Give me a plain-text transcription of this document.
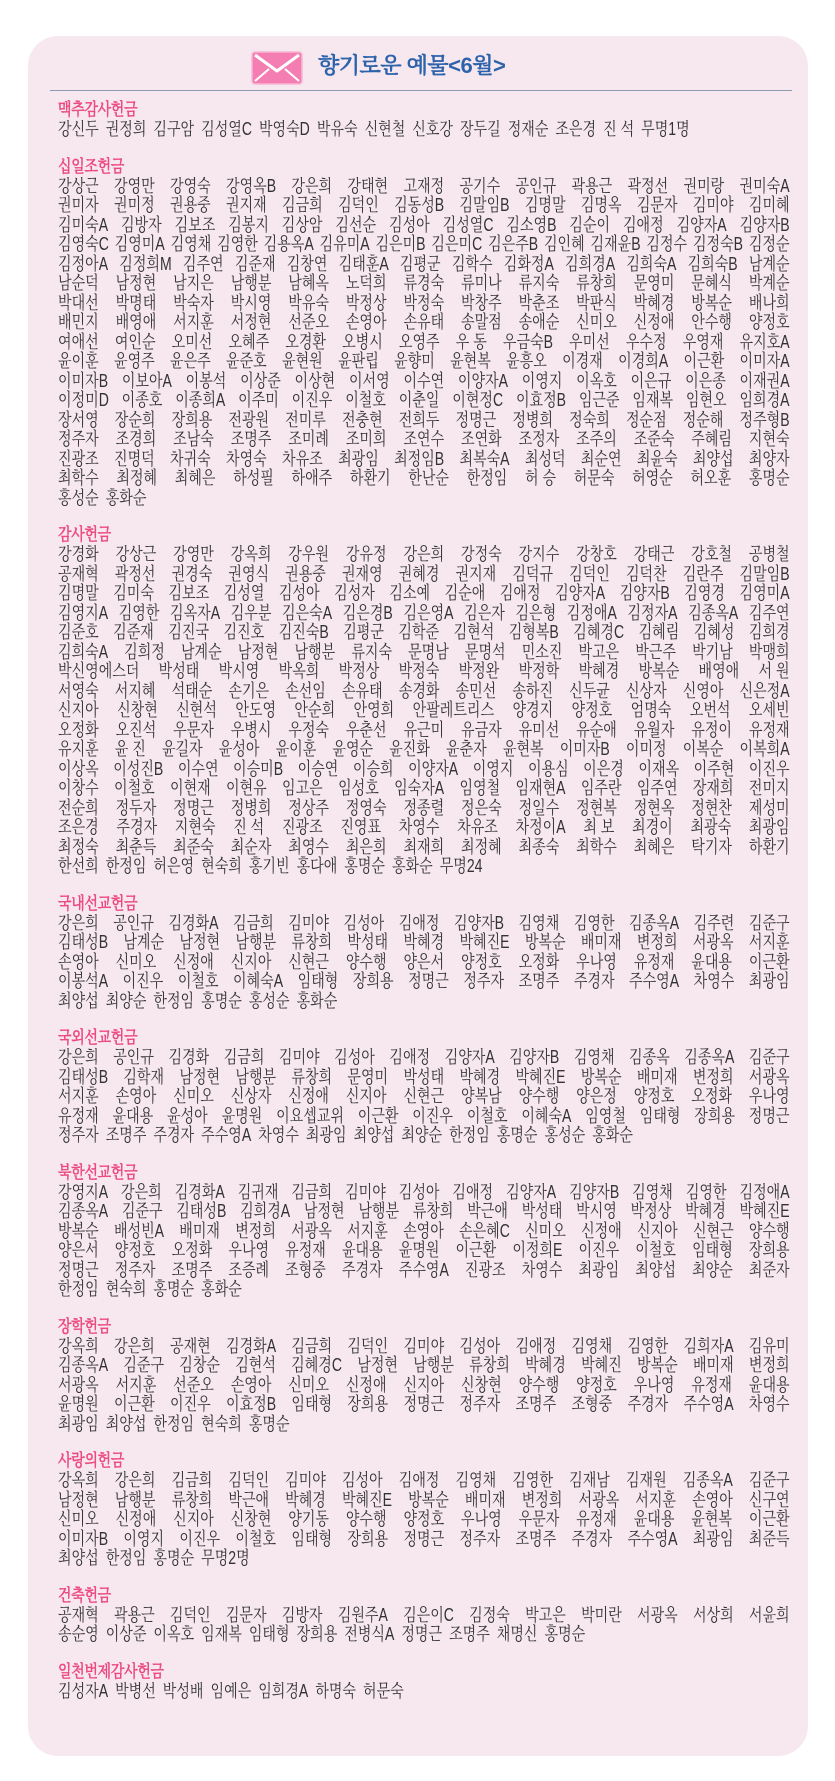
향기로운 예물<6월>
맥추감사헌금
강신두 권정희 김구암 김성열C 박영숙D 박유숙 신현철 신호강 장두길 정재순 조은경 진 석 무명1명
십일조헌금
강상근 강영만 강영숙 강영옥B 강은희 강태현 고재정 공기수 공인규 곽용근 곽정선 권미랑 권미숙A
권미자 권미정 권용중 권지재 김금희 김덕인 김동성B 김말임B 김명말 김명옥 김문자 김미야 김미혜
김미숙A 김방자 김보조 김봉지 김상암 김선순 김성아 김성열C 김소영B 김순이 김애정 김양자A 김양자B
김영숙C 김영미A 김영채 김영한 김용옥A 김유미A 김은미B 김은미C 김은주B 김인혜 김재윤B 김정수 김정숙B 김정순
김정아A 김정희M 김주연 김준재 김창연 김태훈A 김평군 김학수 김화정A 김희경A 김희숙A 김희숙B 남계순
남순덕 남정현 남지은 남행분 남혜옥 노덕희 류경숙 류미나 류지숙 류창희 문영미 문혜식 박계순
박대선 박명태 박숙자 박시영 박유숙 박정상 박정숙 박창주 박춘조 박판식 박혜경 방복순 배나희
배민지 배영애 서지훈 서정현 선준오 손영아 손유태 송말점 송애순 신미오 신정애 안수행 양정호
여애선 여인순 오미선 오혜주 오경환 오병시 오영주 우 동 우금숙B 우미선 우수정 우영재 유지호A
윤이훈 윤영주 윤은주 윤준호 윤현원 윤판립 윤향미 윤현복 윤흥오 이경재 이경희A 이근환 이미자A
이미자B 이보아A 이봉석 이상준 이상현 이서영 이수연 이양자A 이영지 이옥호 이은규 이은종 이재권A
이정미D 이종호 이종희A 이주미 이진우 이철호 이춘일 이현정C 이효정B 임근준 임재복 임현오 임희경A
장서영 장순희 장희용 전광원 전미루 전충현 전희두 정명근 정병희 정숙희 정순점 정순해 정주형B
정주자 조경희 조남숙 조명주 조미례 조미희 조연수 조연화 조정자 조주의 조준숙 주혜림 지현숙
진광조 진명덕 차귀숙 차영숙 차유조 최광임 최정임B 최복숙A 최성덕 최순연 최윤숙 최양섭 최양자
최학수 최정혜 최혜은 하성필 하애주 하환기 한난순 한정임 허 승 허문숙 허영순 허오훈 홍명순
홍성순 홍화순
감사헌금
강경화 강상근 강영만 강옥희 강우원 강유정 강은희 강정숙 강지수 강창호 강태근 강호철 공병철
공재혁 곽정선 권경숙 권영식 권용중 권재영 권혜경 권지재 김덕규 김덕인 김덕찬 김란주 김말임B
김명말 김미숙 김보조 김성열 김성아 김성자 김소예 김순애 김애정 김양자A 김양자B 김영경 김영미A
김영지A 김영한 김옥자A 김우분 김은숙A 김은경B 김은영A 김은자 김은형 김정애A 김정자A 김종옥A 김주연
김준호 김준재 김진국 김진호 김진숙B 김평군 김학준 김현석 김형복B 김혜경C 김혜림 김혜성 김희경
김희숙A 김희정 남계순 남정현 남행분 류지숙 문명남 문명석 민소진 박고은 박근주 박기남 박맹희
박신영에스더 박성태 박시영 박옥희 박정상 박정숙 박정완 박정학 박혜경 방복순 배영애 서 원
서영숙 서지혜 석태순 손기은 손선임 손유태 송경화 송민선 송하진 신두균 신상자 신영아 신은정A
신지아 신창현 신현석 안도영 안순희 안영희 안팔레트리스 양경지 양정호 엄명숙 오번석 오세빈
오정화 오진석 우문자 우병시 우정숙 우춘선 유근미 유금자 유미선 유순애 유월자 유정이 유정재
유지훈 윤 진 윤길자 윤성아 윤이훈 윤영순 윤진화 윤춘자 윤현복 이미자B 이미정 이복순 이복희A
이상옥 이성진B 이수연 이승미B 이승연 이승희 이양자A 이영지 이용심 이은경 이재옥 이주현 이진우
이창수 이철호 이현재 이현유 임고은 임성호 임숙자A 임영철 임재현A 임주란 임주연 장재희 전미지
전순희 정두자 정명근 정병희 정상주 정영숙 정종렬 정은숙 정일수 정현복 정현옥 정현찬 제성미
조은경 주경자 지현숙 진 석 진광조 진영표 차영수 차유조 차정이A 최 보 최경이 최광숙 최광임
최정숙 최춘득 최준숙 최순자 최영수 최은희 최재희 최정혜 최종숙 최학수 최혜은 탁기자 하환기
한선희 한정임 허은영 현숙희 홍기빈 홍다애 홍명순 홍화순 무명24
국내선교헌금
강은희 공인규 김경화A 김금희 김미야 김성아 김애정 김양자B 김영채 김영한 김종옥A 김주련 김준구
김태성B 남계순 남정현 남행분 류창희 박성태 박혜경 박혜진E 방복순 배미재 변정희 서광옥 서지훈
손영아 신미오 신정애 신지아 신현근 양수행 양은서 양정호 오정화 우나영 유정재 윤대용 이근환
이봉석A 이진우 이철호 이혜숙A 임태형 장희용 정명근 정주자 조명주 주경자 주수영A 차영수 최광임
최양섭 최양순 한정임 홍명순 홍성순 홍화순
국외선교헌금
강은희 공인규 김경화 김금희 김미야 김성아 김애정 김양자A 김양자B 김영채 김종옥 김종옥A 김준구
김태성B 김학재 남정현 남행분 류창희 문영미 박성태 박혜경 박혜진E 방복순 배미재 변정희 서광옥
서지훈 손영아 신미오 신상자 신정애 신지아 신현근 양복남 양수행 양은정 양정호 오정화 우나영
유정재 윤대용 윤성아 윤명원 이요셉교위 이근환 이진우 이철호 이혜숙A 임영철 임태형 장희용 정명근
정주자 조명주 주경자 주수영A 차영수 최광임 최양섭 최양순 한정임 홍명순 홍성순 홍화순
북한선교헌금
강영지A 강은희 김경화A 김귀재 김금희 김미야 김성아 김애정 김양자A 김양자B 김영채 김영한 김정애A
김종옥A 김준구 김태성B 김희경A 남정현 남행분 류창희 박근애 박성태 박시영 박정상 박혜경 박혜진E
방복순 배성빈A 배미재 변정희 서광옥 서지훈 손영아 손은혜C 신미오 신정애 신지아 신현근 양수행
양은서 양정호 오정화 우나영 유정재 윤대용 윤명원 이근환 이정희E 이진우 이철호 임태형 장희용
정명근 정주자 조명주 조증례 조형중 주경자 주수영A 진광조 차영수 최광임 최양섭 최양순 최준자
한정임 현숙희 홍명순 홍화순
장학헌금
강옥희 강은희 공재현 김경화A 김금희 김덕인 김미야 김성아 김애정 김영채 김영한 김희자A 김유미
김종옥A 김준구 김창순 김현석 김혜경C 남정현 남행분 류창희 박혜경 박혜진 방복순 배미재 변정희
서광옥 서지훈 선준오 손영아 신미오 신정애 신지아 신창현 양수행 양정호 우나영 유정재 윤대용
윤명원 이근환 이진우 이효정B 임태형 장희용 정명근 정주자 조명주 조형중 주경자 주수영A 차영수
최광임 최양섭 한정임 현숙희 홍명순
사랑의헌금
강옥희 강은희 김금희 김덕인 김미야 김성아 김애정 김영채 김영한 김재남 김재원 김종옥A 김준구
남정현 남행분 류창희 박근애 박혜경 박혜진E 방복순 배미재 변정희 서광옥 서지훈 손영아 신구연
신미오 신정애 신지아 신창현 양기동 양수행 양정호 우나영 우문자 유정재 윤대용 윤현복 이근환
이미자B 이영지 이진우 이철호 임태형 장희용 정명근 정주자 조명주 주경자 주수영A 최광임 최준득
최양섭 한정임 홍명순 무명2명
건축헌금
공재혁 곽용근 김덕인 김문자 김방자 김원주A 김은이C 김정숙 박고은 박미란 서광옥 서상희 서윤희
송순영 이상준 이옥호 임재복 임태형 장희용 전병식A 정명근 조명주 채명신 홍명순
일천번제감사헌금
김성자A 박병선 박성배 임예은 임희경A 하명숙 허문숙
